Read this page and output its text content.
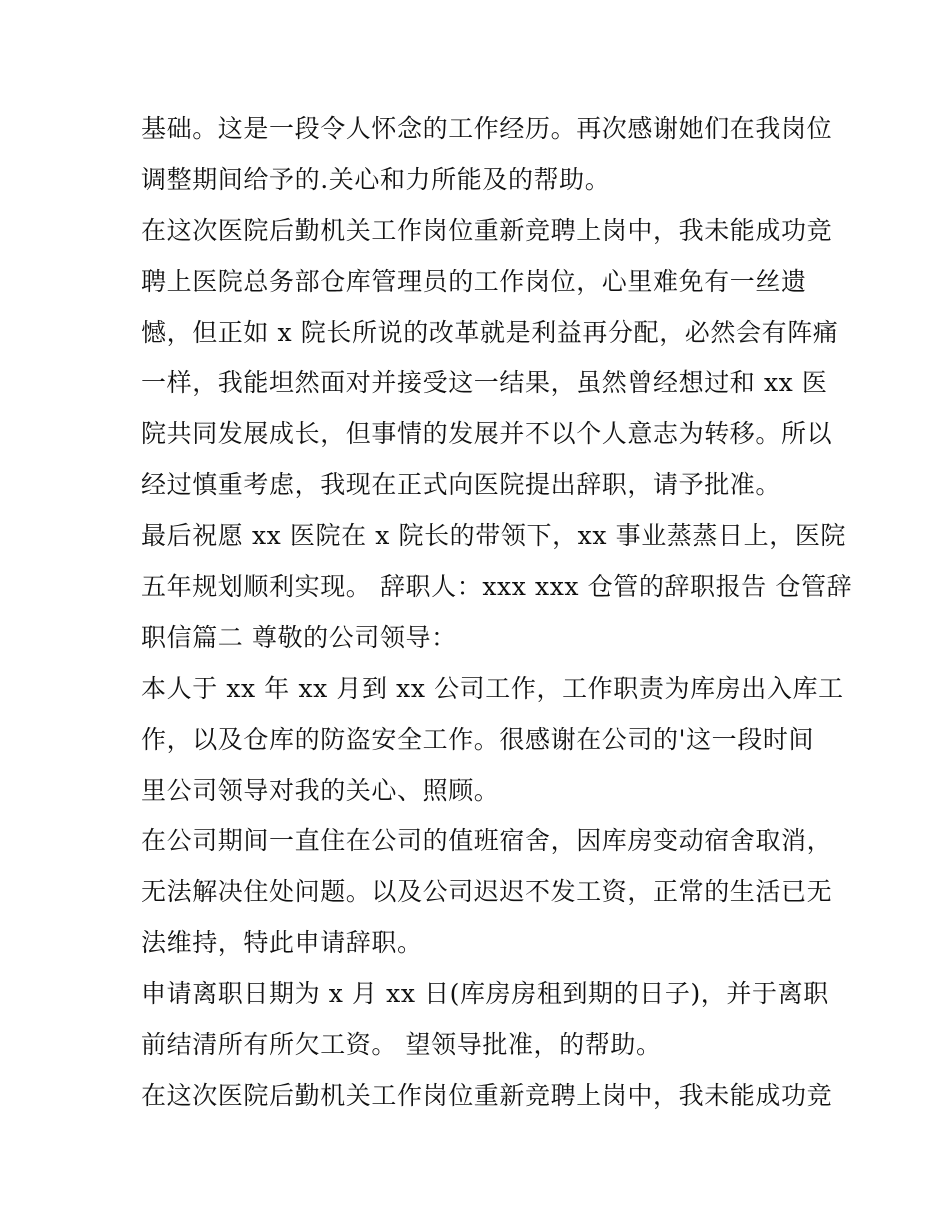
基础。这是一段令人怀念的工作经历。再次感谢她们在我岗位
调整期间给予的.关心和力所能及的帮助。
在这次医院后勤机关工作岗位重新竞聘上岗中，我未能成功竞
聘上医院总务部仓库管理员的工作岗位，心里难免有一丝遗
憾，但正如 x 院长所说的改革就是利益再分配，必然会有阵痛
一样，我能坦然面对并接受这一结果，虽然曾经想过和 xx 医
院共同发展成长，但事情的发展并不以个人意志为转移。所以
经过慎重考虑，我现在正式向医院提出辞职，请予批准。
最后祝愿 xx 医院在 x 院长的带领下，xx 事业蒸蒸日上，医院
五年规划顺利实现。 辞职人：xxx xxx 仓管的辞职报告 仓管辞
职信篇二 尊敬的公司领导：
本人于 xx 年 xx 月到 xx 公司工作，工作职责为库房出入库工
作，以及仓库的防盗安全工作。很感谢在公司的'这一段时间
里公司领导对我的关心、照顾。
在公司期间一直住在公司的值班宿舍，因库房变动宿舍取消，
无法解决住处问题。以及公司迟迟不发工资，正常的生活已无
法维持，特此申请辞职。
申请离职日期为 x 月 xx 日(库房房租到期的日子)，并于离职
前结清所有所欠工资。 望领导批准，的帮助。
在这次医院后勤机关工作岗位重新竞聘上岗中，我未能成功竞
